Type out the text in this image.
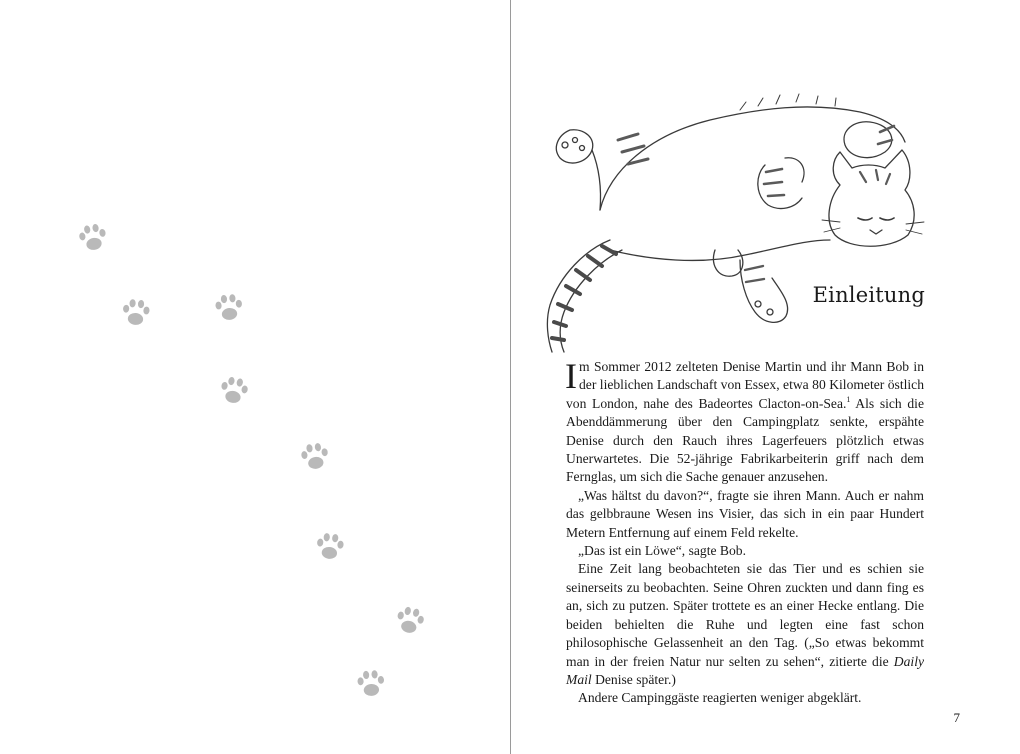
Einleitung

Im Sommer 2012 zelteten Denise Martin und ihr Mann Bob in der lieblichen Landschaft von Essex, etwa 80 Kilometer östlich von London, nahe des Badeortes Clacton-on-Sea.$^1$ Als sich die Abenddämmerung über den Campingplatz senkte, erspähte Denise durch den Rauch ihres Lagerfeuers plötzlich etwas Unerwartetes. Die 52-jährige Fabrikarbeiterin griff nach dem Fernglas, um sich die Sache genauer anzusehen.

„Was hältst du davon?“, fragte sie ihren Mann. Auch er nahm das gelbbraune Wesen ins Visier, das sich in ein paar Hundert Metern Entfernung auf einem Feld rekelte.

„Das ist ein Löwe“, sagte Bob.

Eine Zeit lang beobachteten sie das Tier und es schien sie seinerseits zu beobachten. Seine Ohren zuckten und dann fing es an, sich zu putzen. Später trottete es an einer Hecke entlang. Die beiden behielten die Ruhe und legten eine fast schon philosophische Gelassenheit an den Tag. („So etwas bekommt man in der freien Natur nur selten zu sehen“, zitierte die Daily Mail Denise später.)

Andere Campinggäste reagierten weniger abgeklärt.

7
